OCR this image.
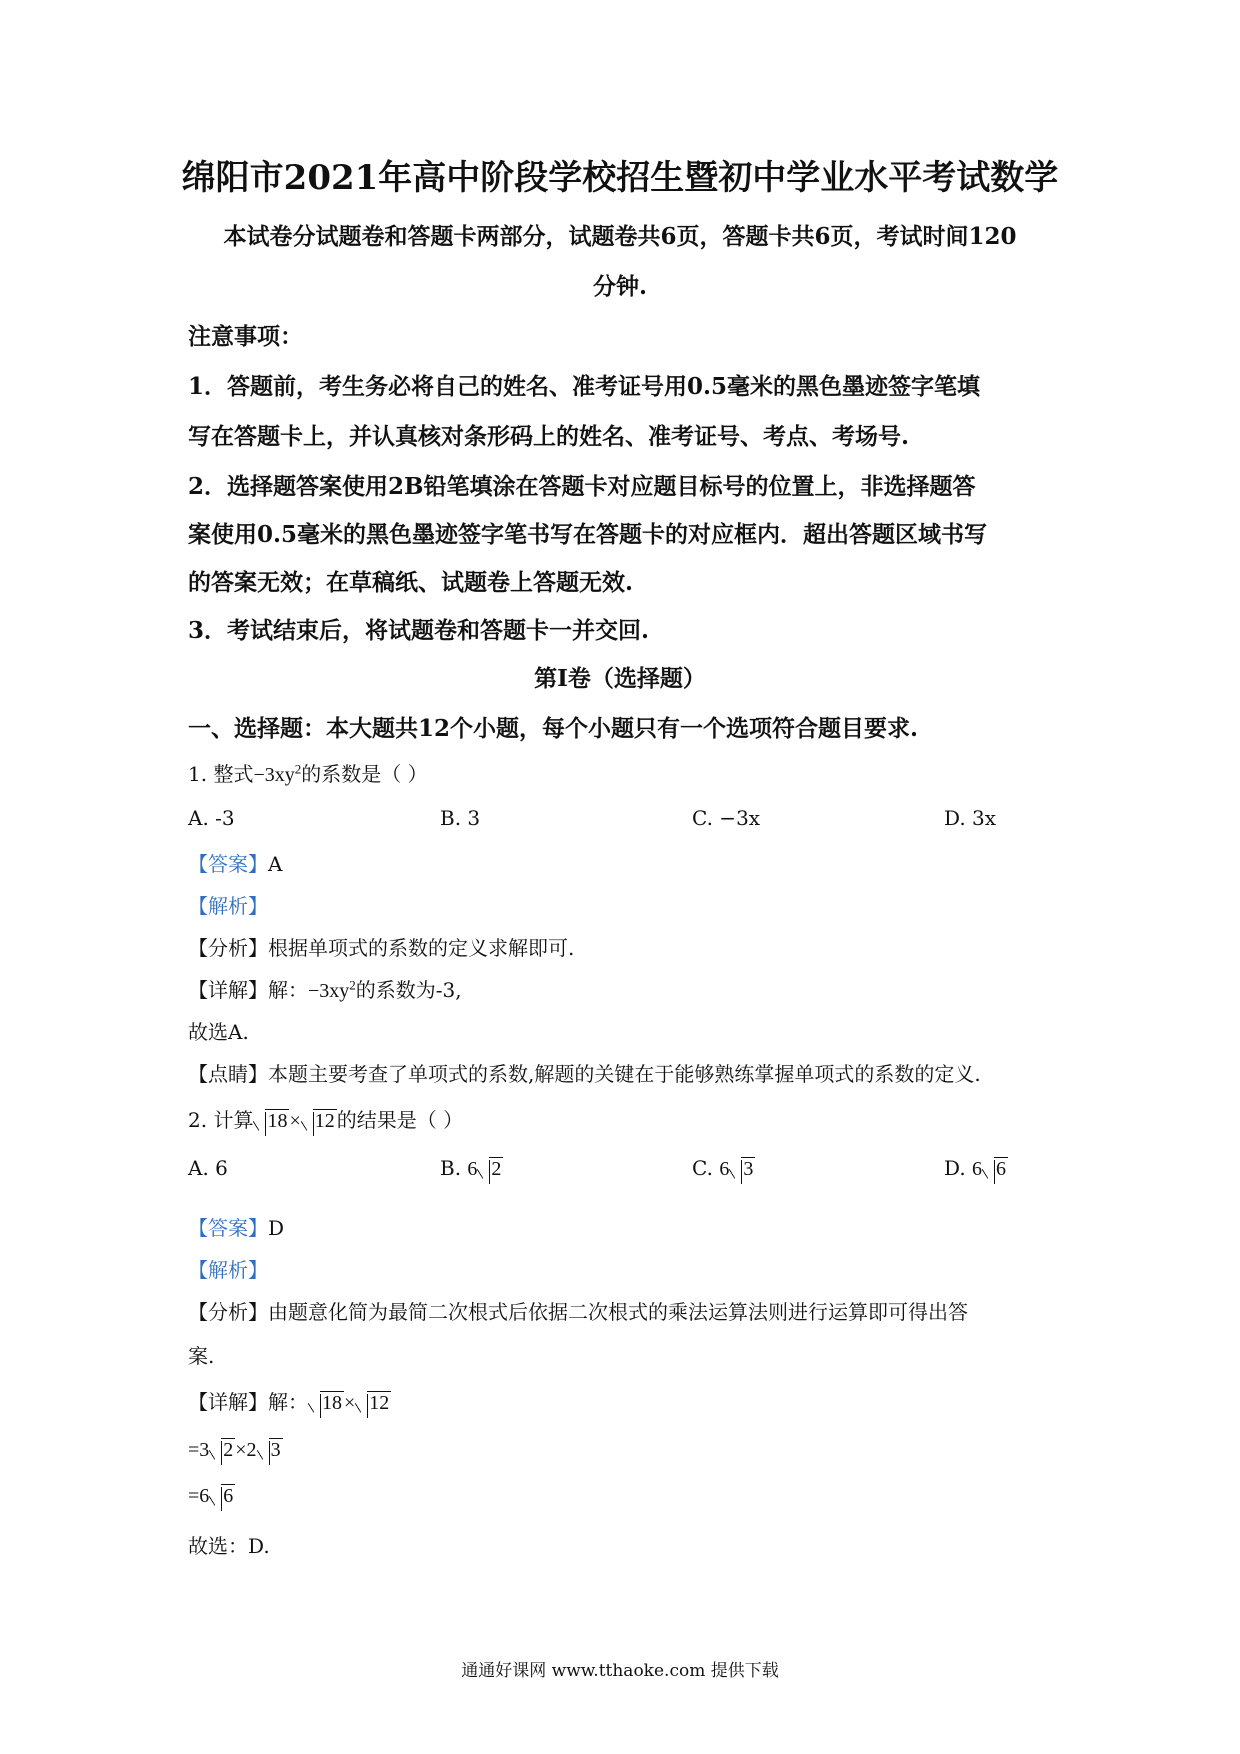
绵阳市2021年高中阶段学校招生暨初中学业水平考试数学
本试卷分试题卷和答题卡两部分，试题卷共6页，答题卡共6页，考试时间120
分钟.
注意事项：
1．答题前，考生务必将自己的姓名、准考证号用0.5毫米的黑色墨迹签字笔填
写在答题卡上，并认真核对条形码上的姓名、准考证号、考点、考场号.
2．选择题答案使用2B铅笔填涂在答题卡对应题目标号的位置上，非选择题答
案使用0.5毫米的黑色墨迹签字笔书写在答题卡的对应框内．超出答题区域书写
的答案无效；在草稿纸、试题卷上答题无效.
3．考试结束后，将试题卷和答题卡一并交回.
第Ⅰ卷（选择题）
一、选择题：本大题共12个小题，每个小题只有一个选项符合题目要求.
1. 整式$-3xy^2$的系数是（ ）
A. -3	B. 3	C. −3x	D. 3x
【答案】A
【解析】
【分析】根据单项式的系数的定义求解即可.
【详解】解：$-3xy^2$的系数为-3,
故选A.
【点睛】本题主要考查了单项式的系数,解题的关键在于能够熟练掌握单项式的系数的定义.
2. 计算 18 × 12 的结果是（ ）
A. 6	B. 6 2	C. 6 3	D. 6 6
【答案】D
【解析】
【分析】由题意化简为最简二次根式后依据二次根式的乘法运算法则进行运算即可得出答
案.
【详解】解： 18 × 12
=3 2 ×2 3
=6 6
故选：D.
通通好课网 www.tthaoke.com 提供下载
